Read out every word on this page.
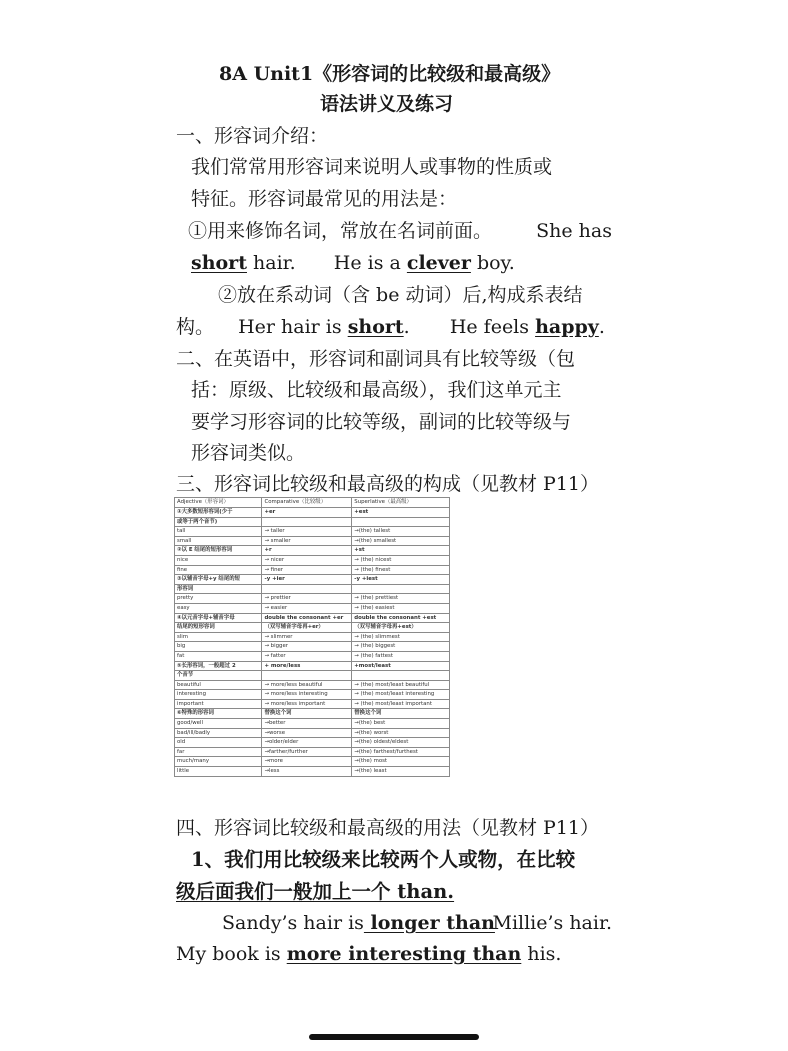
8A Unit1《形容词的比较级和最高级》
语法讲义及练习
一、形容词介绍：
我们常常用形容词来说明人或事物的性质或
特征。形容词最常见的用法是：
①用来修饰名词，常放在名词前面。 She has
short hair. He is a clever boy.
②放在系动词（含 be 动词）后,构成系表结
构。 Her hair is short. He feels happy.
二、在英语中，形容词和副词具有比较等级（包
括：原级、比较级和最高级），我们这单元主
要学习形容词的比较等级，副词的比较等级与
形容词类似。
三、形容词比较级和最高级的构成（见教材 P11）
Adjective（形容词）	Comparative（比较级）	Superlative（最高级）
①大多数短形容词(少于	+er	+est
或等于两个音节)		
tall	→ taller	→(the) tallest
small	→ smaller	→(the) smallest
②以 E 结尾的短形容词	+r	+st
nice	→ nicer	→ (the) nicest
fine	→ finer	→ (the) finest
③以辅音字母+y 结尾的短	-y +ier	-y +iest
形容词		
pretty	→ prettier	→ (the) prettiest
easy	→ easier	→ (the) easiest
④以元音字母+辅音字母	double the consonant +er	double the consonant +est
结尾的短形容词	（双写辅音字母再+er）	（双写辅音字母再+est）
slim	→ slimmer	→ (the) slimmest
big	→ bigger	→ (the) biggest
fat	→ fatter	→ (the) fattest
⑤长形容词，一般超过 2	+ more/less	+most/least
个音节		
beautiful	→ more/less beautiful	→ (the) most/least beautiful
interesting	→ more/less interesting	→ (the) most/least interesting
important	→ more/less important	→ (the) most/least important
⑥特殊的形容词	替换这个词	替换这个词
good/well	→better	→(the) best
bad/ill/badly	→worse	→(the) worst
old	→older/elder	→(the) oldest/eldest
far	→farther/further	→(the) farthest/furthest
much/many	→more	→(the) most
little	→less	→(the) least
四、形容词比较级和最高级的用法（见教材 P11）
1、我们用比较级来比较两个人或物，在比较
级后面我们一般加上一个 than.
Sandy’s hair is longer than
Millie’s hair.
My book is more interesting than his.
